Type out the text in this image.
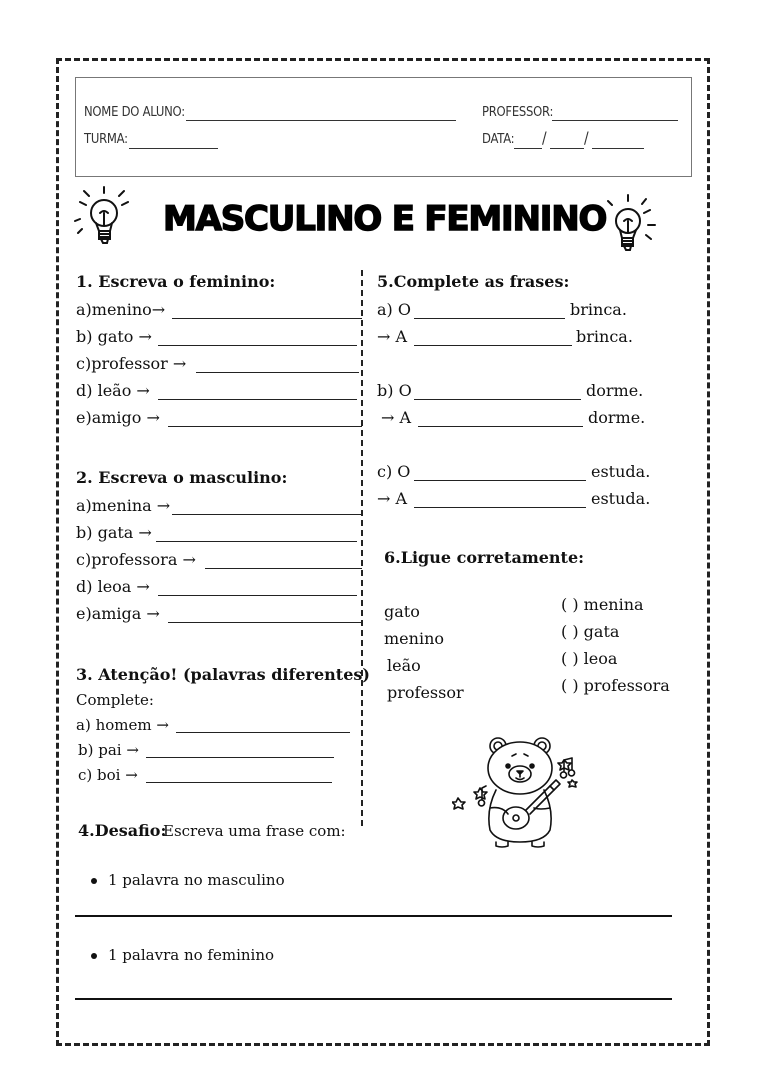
NOME DO ALUNO:	PROFESSOR:
TURMA:	DATA: / /
MASCULINO E FEMININO
1. Escreva o feminino:
a)menino→
b) gato →
c)professor →
d) leão →
e)amigo →
2. Escreva o masculino:
a)menina →
b) gata →
c)professora →
d) leoa →
e)amiga →
3. Atenção! (palavras diferentes)
Complete:
a) homem →
b) pai →
c) boi →
4.Desafio:
Escreva uma frase com:
1 palavra no masculino
1 palavra no feminino
5.Complete as frases:
a) O	brinca.
→ A	brinca.
b) O	dorme.
→ A	dorme.
c) O	estuda.
→ A	estuda.
6.Ligue corretamente:
gato
menino
leão
professor
( ) menina
( ) gata
( ) leoa
( ) professora
